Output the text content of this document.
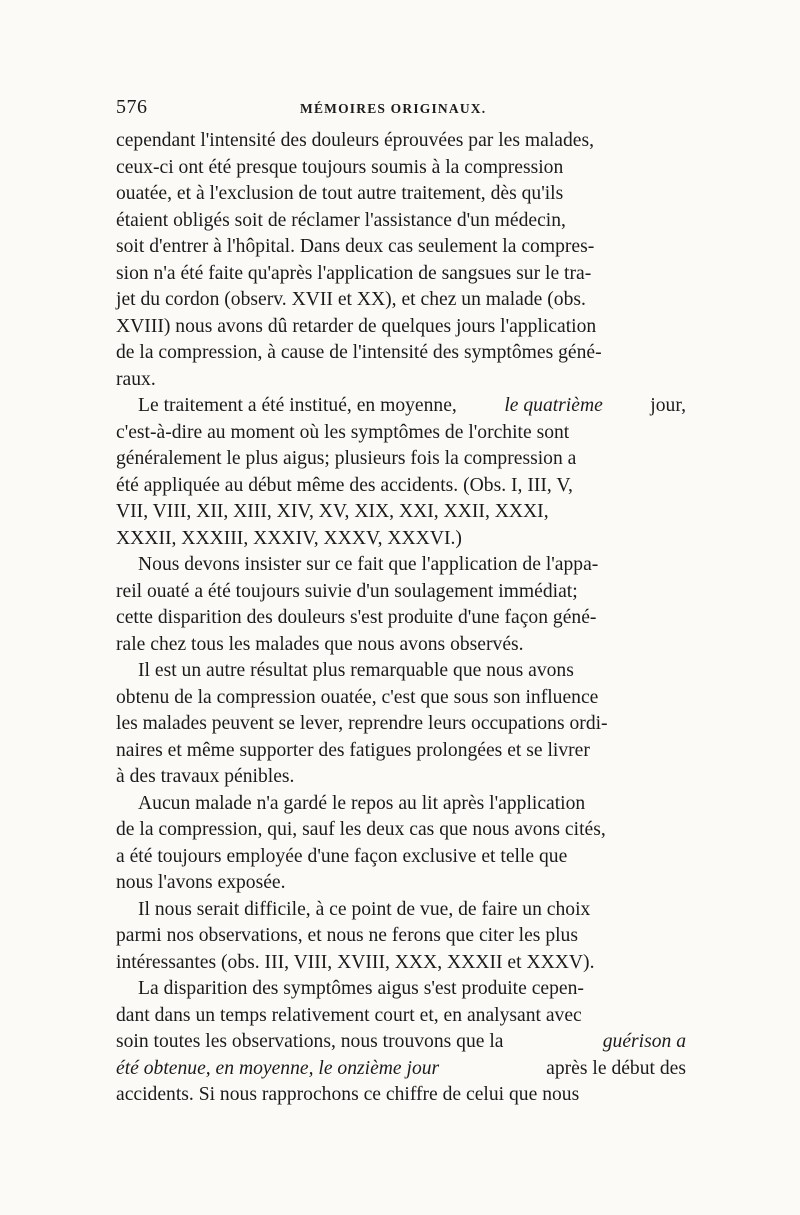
576	MÉMOIRES ORIGINAUX.
cependant l'intensité des douleurs éprouvées par les malades,
ceux-ci ont été presque toujours soumis à la compression
ouatée, et à l'exclusion de tout autre traitement, dès qu'ils
étaient obligés soit de réclamer l'assistance d'un médecin,
soit d'entrer à l'hôpital. Dans deux cas seulement la compres-
sion n'a été faite qu'après l'application de sangsues sur le tra-
jet du cordon (observ. XVII et XX), et chez un malade (obs.
XVIII) nous avons dû retarder de quelques jours l'application
de la compression, à cause de l'intensité des symptômes géné-
raux.
Le traitement a été institué, en moyenne, le quatrième jour,
c'est-à-dire au moment où les symptômes de l'orchite sont
généralement le plus aigus; plusieurs fois la compression a
été appliquée au début même des accidents. (Obs. I, III, V,
VII, VIII, XII, XIII, XIV, XV, XIX, XXI, XXII, XXXI,
XXXII, XXXIII, XXXIV, XXXV, XXXVI.)
Nous devons insister sur ce fait que l'application de l'appa-
reil ouaté a été toujours suivie d'un soulagement immédiat;
cette disparition des douleurs s'est produite d'une façon géné-
rale chez tous les malades que nous avons observés.
Il est un autre résultat plus remarquable que nous avons
obtenu de la compression ouatée, c'est que sous son influence
les malades peuvent se lever, reprendre leurs occupations ordi-
naires et même supporter des fatigues prolongées et se livrer
à des travaux pénibles.
Aucun malade n'a gardé le repos au lit après l'application
de la compression, qui, sauf les deux cas que nous avons cités,
a été toujours employée d'une façon exclusive et telle que
nous l'avons exposée.
Il nous serait difficile, à ce point de vue, de faire un choix
parmi nos observations, et nous ne ferons que citer les plus
intéressantes (obs. III, VIII, XVIII, XXX, XXXII et XXXV).
La disparition des symptômes aigus s'est produite cepen-
dant dans un temps relativement court et, en analysant avec
soin toutes les observations, nous trouvons que la	guérison a
été obtenue, en moyenne, le onzième jour	après le début des
accidents. Si nous rapprochons ce chiffre de celui que nous
